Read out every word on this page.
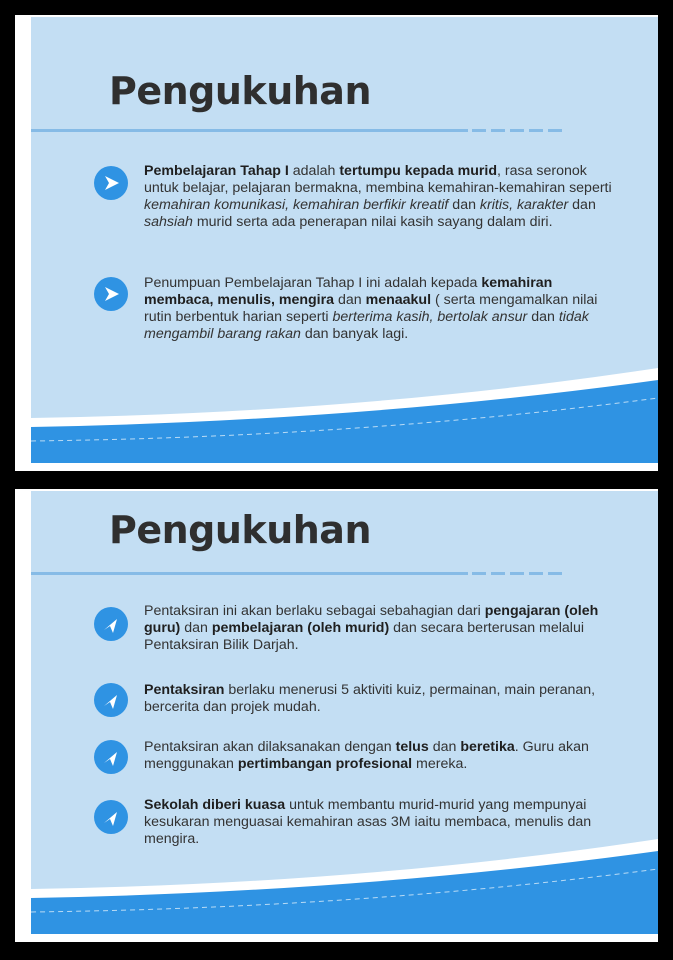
Pengukuhan
Pembelajaran Tahap I adalah tertumpu kepada murid, rasa seronok untuk belajar, pelajaran bermakna, membina kemahiran-kemahiran seperti kemahiran komunikasi, kemahiran berfikir kreatif dan kritis, karakter dan sahsiah murid serta ada penerapan nilai kasih sayang dalam diri.
Penumpuan Pembelajaran Tahap I ini adalah kepada kemahiran membaca, menulis, mengira dan menaakul ( serta mengamalkan nilai rutin berbentuk harian seperti berterima kasih, bertolak ansur dan tidak mengambil barang rakan dan banyak lagi.
Pengukuhan
Pentaksiran ini akan berlaku sebagai sebahagian dari pengajaran (oleh guru) dan pembelajaran (oleh murid) dan secara berterusan melalui Pentaksiran Bilik Darjah.
Pentaksiran berlaku menerusi 5 aktiviti kuiz, permainan, main peranan, bercerita dan projek mudah.
Pentaksiran akan dilaksanakan dengan telus dan beretika. Guru akan menggunakan pertimbangan profesional mereka.
Sekolah diberi kuasa untuk membantu murid-murid yang mempunyai kesukaran menguasai kemahiran asas 3M iaitu membaca, menulis dan mengira.
